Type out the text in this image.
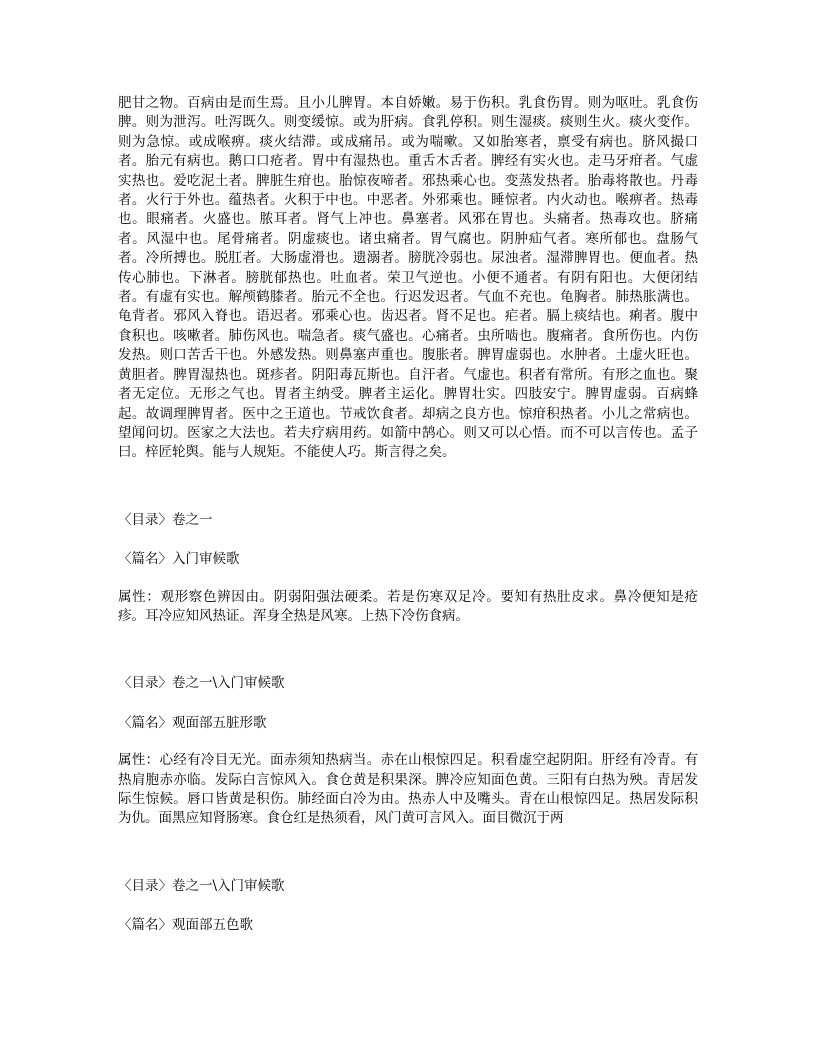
肥甘之物。百病由是而生焉。且小儿脾胃。本自娇嫩。易于伤积。乳食伤胃。则为呕吐。乳食伤脾。则为泄泻。吐泻既久。则变缓惊。或为肝病。食乳停积。则生湿痰。痰则生火。痰火变作。则为急惊。或成喉痹。痰火结滞。或成痛吊。或为喘嗽。又如胎寒者，禀受有病也。脐风撮口者。胎元有病也。鹅口口疮者。胃中有湿热也。重舌木舌者。脾经有实火也。走马牙疳者。气虚实热也。爱吃泥土者。脾脏生疳也。胎惊夜啼者。邪热乘心也。变蒸发热者。胎毒将散也。丹毒者。火行于外也。蕴热者。火积于中也。中恶者。外邪乘也。睡惊者。内火动也。喉痹者。热毒也。眼痛者。火盛也。脓耳者。肾气上冲也。鼻塞者。风邪在胃也。头痛者。热毒攻也。脐痛者。风湿中也。尾骨痛者。阴虚痰也。诸虫痛者。胃气腐也。阴肿疝气者。寒所郁也。盘肠气者。冷所搏也。脱肛者。大肠虚滑也。遗溺者。膀胱冷弱也。尿浊者。湿滞脾胃也。便血者。热传心肺也。下淋者。膀胱郁热也。吐血者。荣卫气逆也。小便不通者。有阴有阳也。大便闭结者。有虚有实也。解颅鹤膝者。胎元不全也。行迟发迟者。气血不充也。龟胸者。肺热胀满也。龟背者。邪风入脊也。语迟者。邪乘心也。齿迟者。肾不足也。疟者。膈上痰结也。痢者。腹中食积也。咳嗽者。肺伤风也。喘急者。痰气盛也。心痛者。虫所啮也。腹痛者。食所伤也。内伤发热。则口苦舌干也。外感发热。则鼻塞声重也。腹胀者。脾胃虚弱也。水肿者。土虚火旺也。黄胆者。脾胃湿热也。斑疹者。阴阳毒瓦斯也。自汗者。气虚也。积者有常所。有形之血也。聚者无定位。无形之气也。胃者主纳受。脾者主运化。脾胃壮实。四肢安宁。脾胃虚弱。百病蜂起。故调理脾胃者。医中之王道也。节戒饮食者。却病之良方也。惊疳积热者。小儿之常病也。望闻问切。医家之大法也。若夫疗病用药。如箭中鹄心。则又可以心悟。而不可以言传也。孟子曰。梓匠轮舆。能与人规矩。不能使人巧。斯言得之矣。

〈目录〉卷之一

〈篇名〉入门审候歌

属性：观形察色辨因由。阴弱阳强法硬柔。若是伤寒双足冷。要知有热肚皮求。鼻冷便知是疮疹。耳冷应知风热证。浑身全热是风寒。上热下冷伤食病。

〈目录〉卷之一\入门审候歌

〈篇名〉观面部五脏形歌

属性：心经有冷目无光。面赤须知热病当。赤在山根惊四足。积看虚空起阴阳。肝经有冷青。有热肩胞赤亦临。发际白言惊风入。食仓黄是积果深。脾冷应知面色黄。三阳有白热为殃。青居发际生惊候。唇口皆黄是积伤。肺经面白冷为由。热赤人中及嘴头。青在山根惊四足。热居发际积为仇。面黑应知肾肠寒。食仓红是热须看，风门黄可言风入。面目微沉于两

〈目录〉卷之一\入门审候歌

〈篇名〉观面部五色歌
